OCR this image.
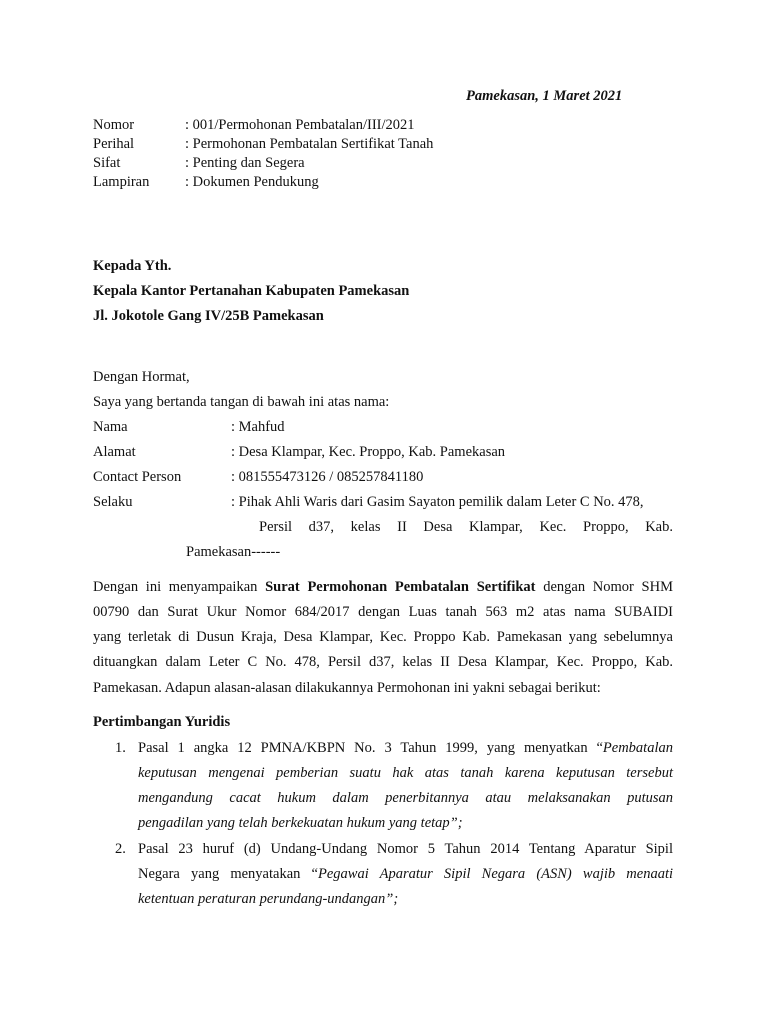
Pamekasan, 1 Maret 2021
Nomor	: 001/Permohonan Pembatalan/III/2021
Perihal	: Permohonan Pembatalan Sertifikat Tanah
Sifat	: Penting dan Segera
Lampiran : Dokumen Pendukung
Kepada Yth.
Kepala Kantor Pertanahan Kabupaten Pamekasan
Jl. Jokotole Gang IV/25B Pamekasan
Dengan Hormat,
Saya yang bertanda tangan di bawah ini atas nama:
Nama	: Mahfud
Alamat	: Desa Klampar, Kec. Proppo, Kab. Pamekasan
Contact Person	: 081555473126 / 085257841180
Selaku	: Pihak Ahli Waris dari Gasim Sayaton pemilik dalam Leter C No. 478,
Persil d37, kelas II Desa Klampar, Kec. Proppo, Kab.
Pamekasan------
Dengan ini menyampaikan Surat Permohonan Pembatalan Sertifikat dengan Nomor SHM
00790 dan Surat Ukur Nomor 684/2017 dengan Luas tanah 563 m2 atas nama SUBAIDI
yang terletak di Dusun Kraja, Desa Klampar, Kec. Proppo Kab. Pamekasan yang sebelumnya
dituangkan dalam Leter C No. 478, Persil d37, kelas II Desa Klampar, Kec. Proppo, Kab.
Pamekasan. Adapun alasan-alasan dilakukannya Permohonan ini yakni sebagai berikut:
Pertimbangan Yuridis
1. Pasal 1 angka 12 PMNA/KBPN No. 3 Tahun 1999, yang menyatkan “Pembatalan
keputusan mengenai pemberian suatu hak atas tanah karena keputusan tersebut
mengandung cacat hukum dalam penerbitannya atau melaksanakan putusan
pengadilan yang telah berkekuatan hukum yang tetap”;
2. Pasal 23 huruf (d) Undang-Undang Nomor 5 Tahun 2014 Tentang Aparatur Sipil
Negara yang menyatakan “Pegawai Aparatur Sipil Negara (ASN) wajib menaati
ketentuan peraturan perundang-undangan”;
